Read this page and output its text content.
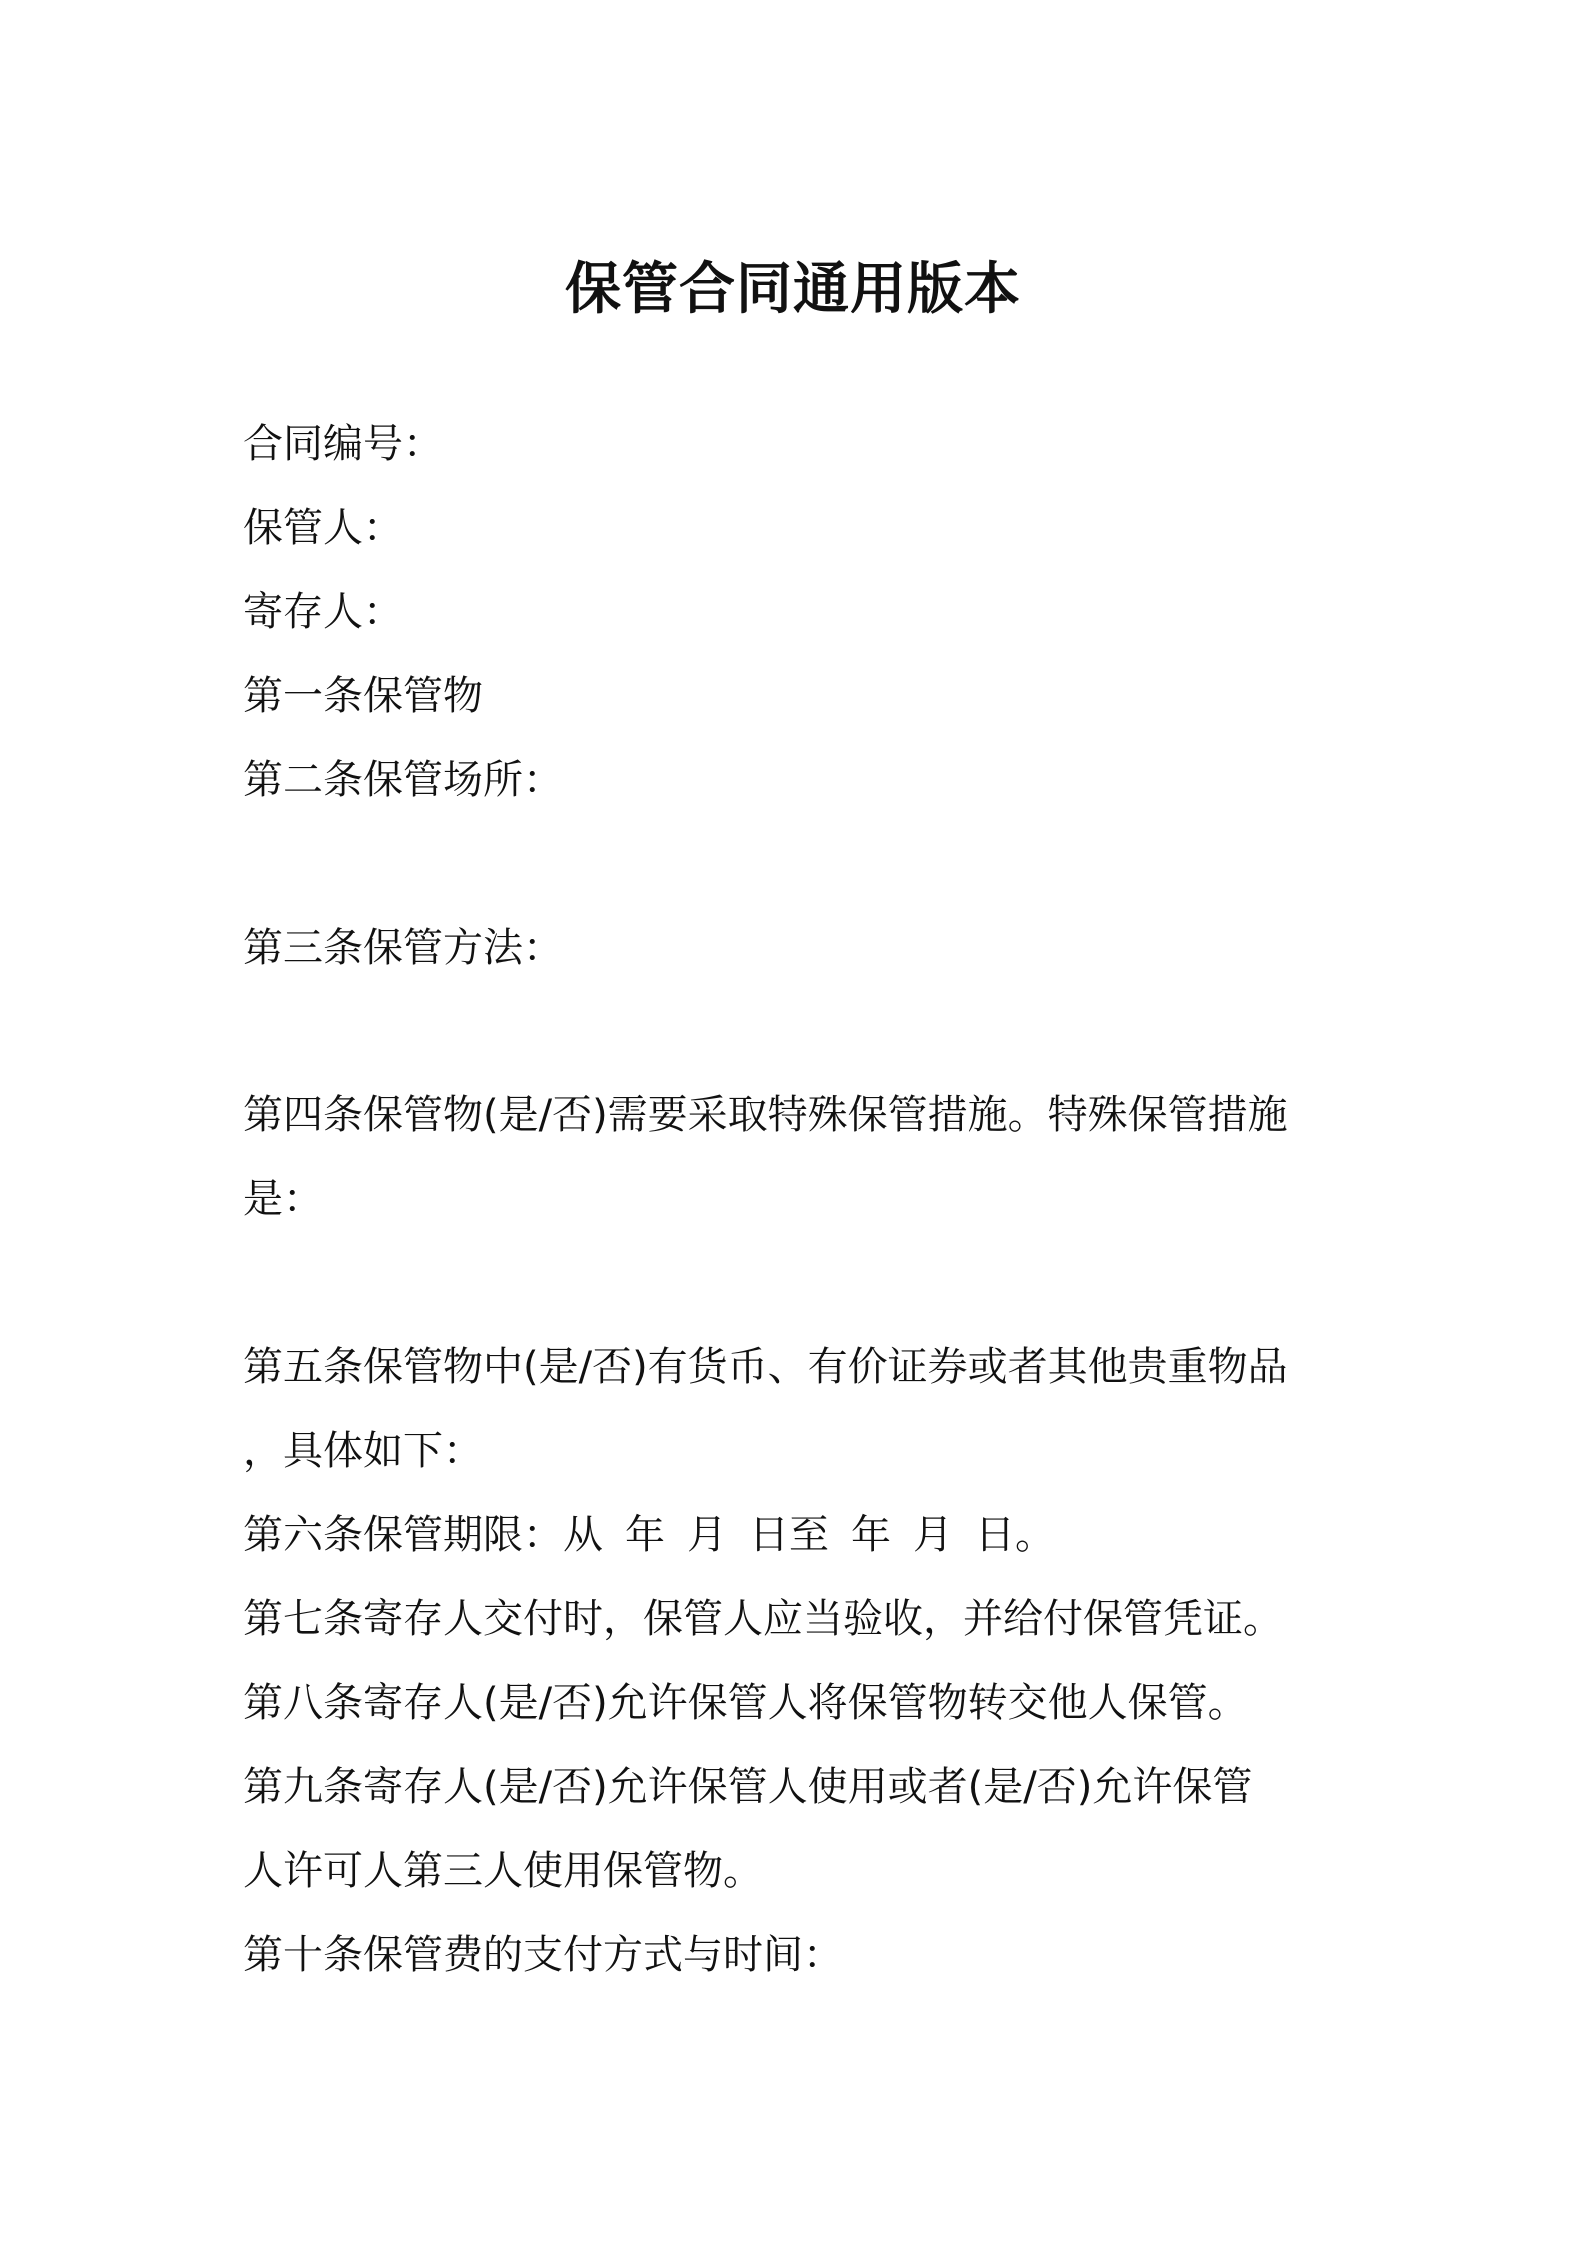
保管合同通用版本
合同编号：
保管人：
寄存人：
第一条保管物
第二条保管场所：
第三条保管方法：
第四条保管物(是/否)需要采取特殊保管措施。特殊保管措施
是：
第五条保管物中(是/否)有货币、有价证券或者其他贵重物品
，具体如下：
第六条保管期限：从 年 月 日至 年 月 日。
第七条寄存人交付时，保管人应当验收，并给付保管凭证。
第八条寄存人(是/否)允许保管人将保管物转交他人保管。
第九条寄存人(是/否)允许保管人使用或者(是/否)允许保管
人许可人第三人使用保管物。
第十条保管费的支付方式与时间：
